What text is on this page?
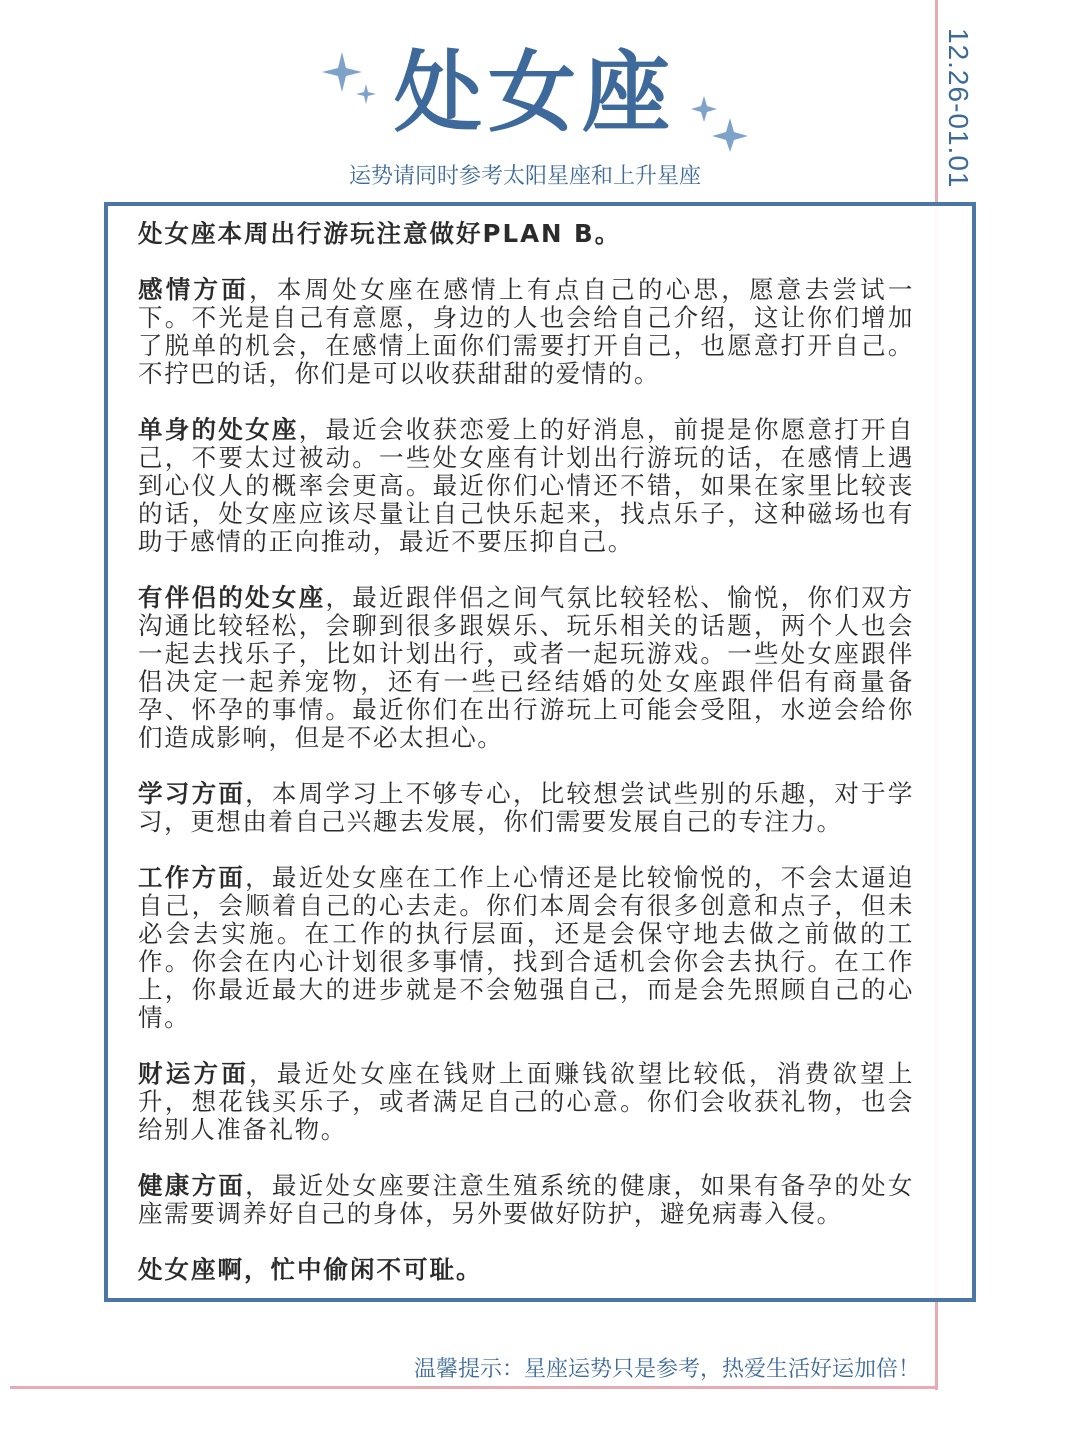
12.26-01.01
处女座
运势请同时参考太阳星座和上升星座

处女座本周出行游玩注意做好PLAN B。

感情方面，本周处女座在感情上有点自己的心思，愿意去尝试一下。不光是自己有意愿，身边的人也会给自己介绍，这让你们增加了脱单的机会，在感情上面你们需要打开自己，也愿意打开自己。不拧巴的话，你们是可以收获甜甜的爱情的。

单身的处女座，最近会收获恋爱上的好消息，前提是你愿意打开自己，不要太过被动。一些处女座有计划出行游玩的话，在感情上遇到心仪人的概率会更高。最近你们心情还不错，如果在家里比较丧的话，处女座应该尽量让自己快乐起来，找点乐子，这种磁场也有助于感情的正向推动，最近不要压抑自己。

有伴侣的处女座，最近跟伴侣之间气氛比较轻松、愉悦，你们双方沟通比较轻松，会聊到很多跟娱乐、玩乐相关的话题，两个人也会一起去找乐子，比如计划出行，或者一起玩游戏。一些处女座跟伴侣决定一起养宠物，还有一些已经结婚的处女座跟伴侣有商量备孕、怀孕的事情。最近你们在出行游玩上可能会受阻，水逆会给你们造成影响，但是不必太担心。

学习方面，本周学习上不够专心，比较想尝试些别的乐趣，对于学习，更想由着自己兴趣去发展，你们需要发展自己的专注力。

工作方面，最近处女座在工作上心情还是比较愉悦的，不会太逼迫自己，会顺着自己的心去走。你们本周会有很多创意和点子，但未必会去实施。在工作的执行层面，还是会保守地去做之前做的工作。你会在内心计划很多事情，找到合适机会你会去执行。在工作上，你最近最大的进步就是不会勉强自己，而是会先照顾自己的心情。

财运方面，最近处女座在钱财上面赚钱欲望比较低，消费欲望上升，想花钱买乐子，或者满足自己的心意。你们会收获礼物，也会给别人准备礼物。

健康方面，最近处女座要注意生殖系统的健康，如果有备孕的处女座需要调养好自己的身体，另外要做好防护，避免病毒入侵。

处女座啊，忙中偷闲不可耻。

温馨提示：星座运势只是参考，热爱生活好运加倍！
